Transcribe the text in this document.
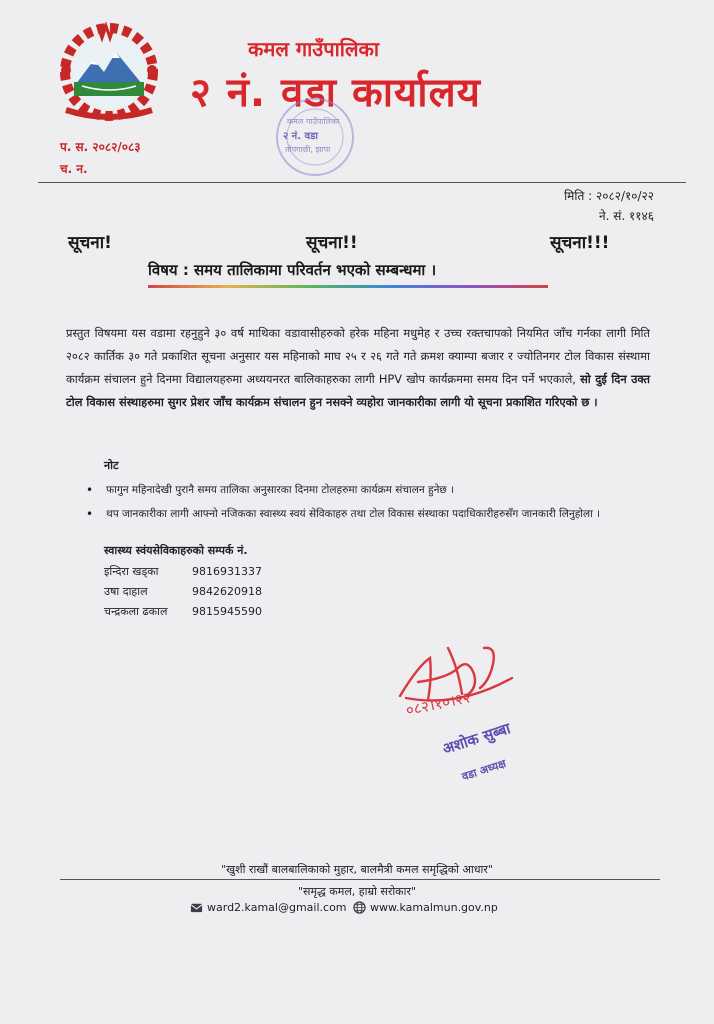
कमल गाउँपालिका
२ नं. वडा कार्यालय
प. स. २०८२/०८३
च. न.
कमल गाउँपालिका
२ नं. वडा
तोपगाछी, झापा
मिति : २०८२/१०/२२
ने. सं. ११४६
सूचना!	सूचना!!	सूचना!!!
विषय : समय तालिकामा परिवर्तन भएको सम्बन्धमा ।

प्रस्तुत विषयमा यस वडामा रहनुहुने ३० वर्ष माथिका वडावासीहरुको हरेक महिना मधुमेह र उच्च रक्तचापको नियमित जाँच गर्नका लागी मिति २०८२ कार्तिक ३० गते प्रकाशित सूचना अनुसार यस महिनाको माघ २५ र २६ गते गते क्रमश क्याम्पा बजार र ज्योतिनगर टोल विकास संस्थामा कार्यक्रम संचालन हुने दिनमा विद्यालयहरुमा अध्ययनरत बालिकाहरुका लागी HPV खोप कार्यक्रममा समय दिन पर्ने भएकाले, सो दुई दिन उक्त टोल विकास संस्थाहरुमा सुगर प्रेशर जाँच कार्यक्रम संचालन हुन नसक्ने व्यहोरा जानकारीका लागी यो सूचना प्रकाशित गरिएको छ ।

नोट
• फागुन महिनादेखी पुरानै समय तालिका अनुसारका दिनमा टोलहरुमा कार्यक्रम संचालन हुनेछ ।
• थप जानकारीका लागी आफ्नो नजिकका स्वास्थ्य स्वयं सेविकाहरु तथा टोल विकास संस्थाका पदाधिकारीहरुसँग जानकारी लिनुहोला ।
स्वास्थ्य स्वंयसेविकाहरुको सम्पर्क नं.
इन्दिरा खड्का	9816931337
उषा दाहाल	9842620918
चन्द्रकला ढकाल	9815945590
०८२।१०।२२
अशोक सुब्बा
वडा अध्यक्ष
"खुशी राखौं बालबालिकाको मुहार, बालमैत्री कमल समृद्धिको आधार"
"समृद्ध कमल, हाम्रो सरोकार"
ward2.kamal@gmail.com www.kamalmun.gov.np
